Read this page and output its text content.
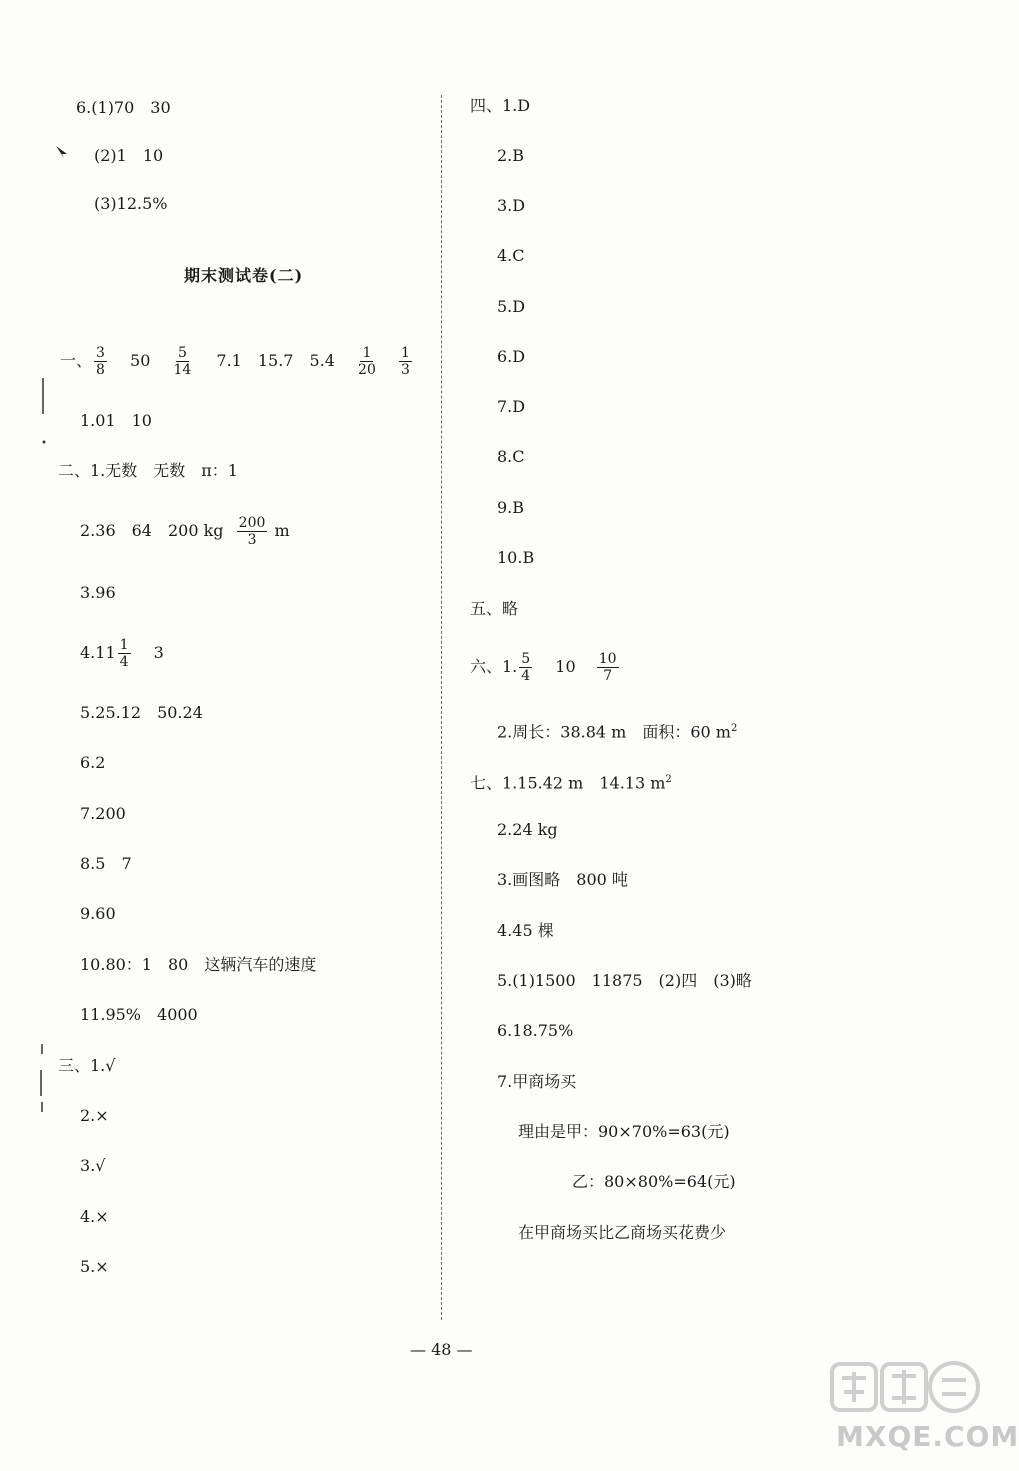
6.(1)70　30
(2)1　10
(3)12.5%
期末测试卷(二)
一、 $\frac{3}{8} 50 \frac{5}{14} 7.1$　15.7　$5.4 \frac{1}{20}$
$\frac{1}{3}$
1.01　10
二、1.无数　无数　π：1
2.36　64　200 kg $\frac{200}{3}$ m
3.96
$4.11 \frac{1}{4} 3$
5.25.12　50.24
6.2
7.200
8.5　7
9.60
10.80：1　80　这辆汽车的速度
11.95%　4000
三、1.√
2.×
3.√
4.×
5.×
四、1.D
2.B
3.D
4.C
5.D
6.D
7.D
8.C
9.B
10.B
五、略
六、1. $\frac{5}{4} 10 \frac{10}{7}$
2.周长：38.84 m　面积：60 $m^2$
七、1.15.42 m　14.13 $m^2$
2.24 kg
3.画图略　800 吨
4.45 棵
5.(1)1500　11875　(2)四　(3)略
6.18.75%
7.甲商场买
理由是甲：90×70%=63(元)
乙：80×80%=64(元)
在甲商场买比乙商场买花费少
— 48 —
MXQE.COM
